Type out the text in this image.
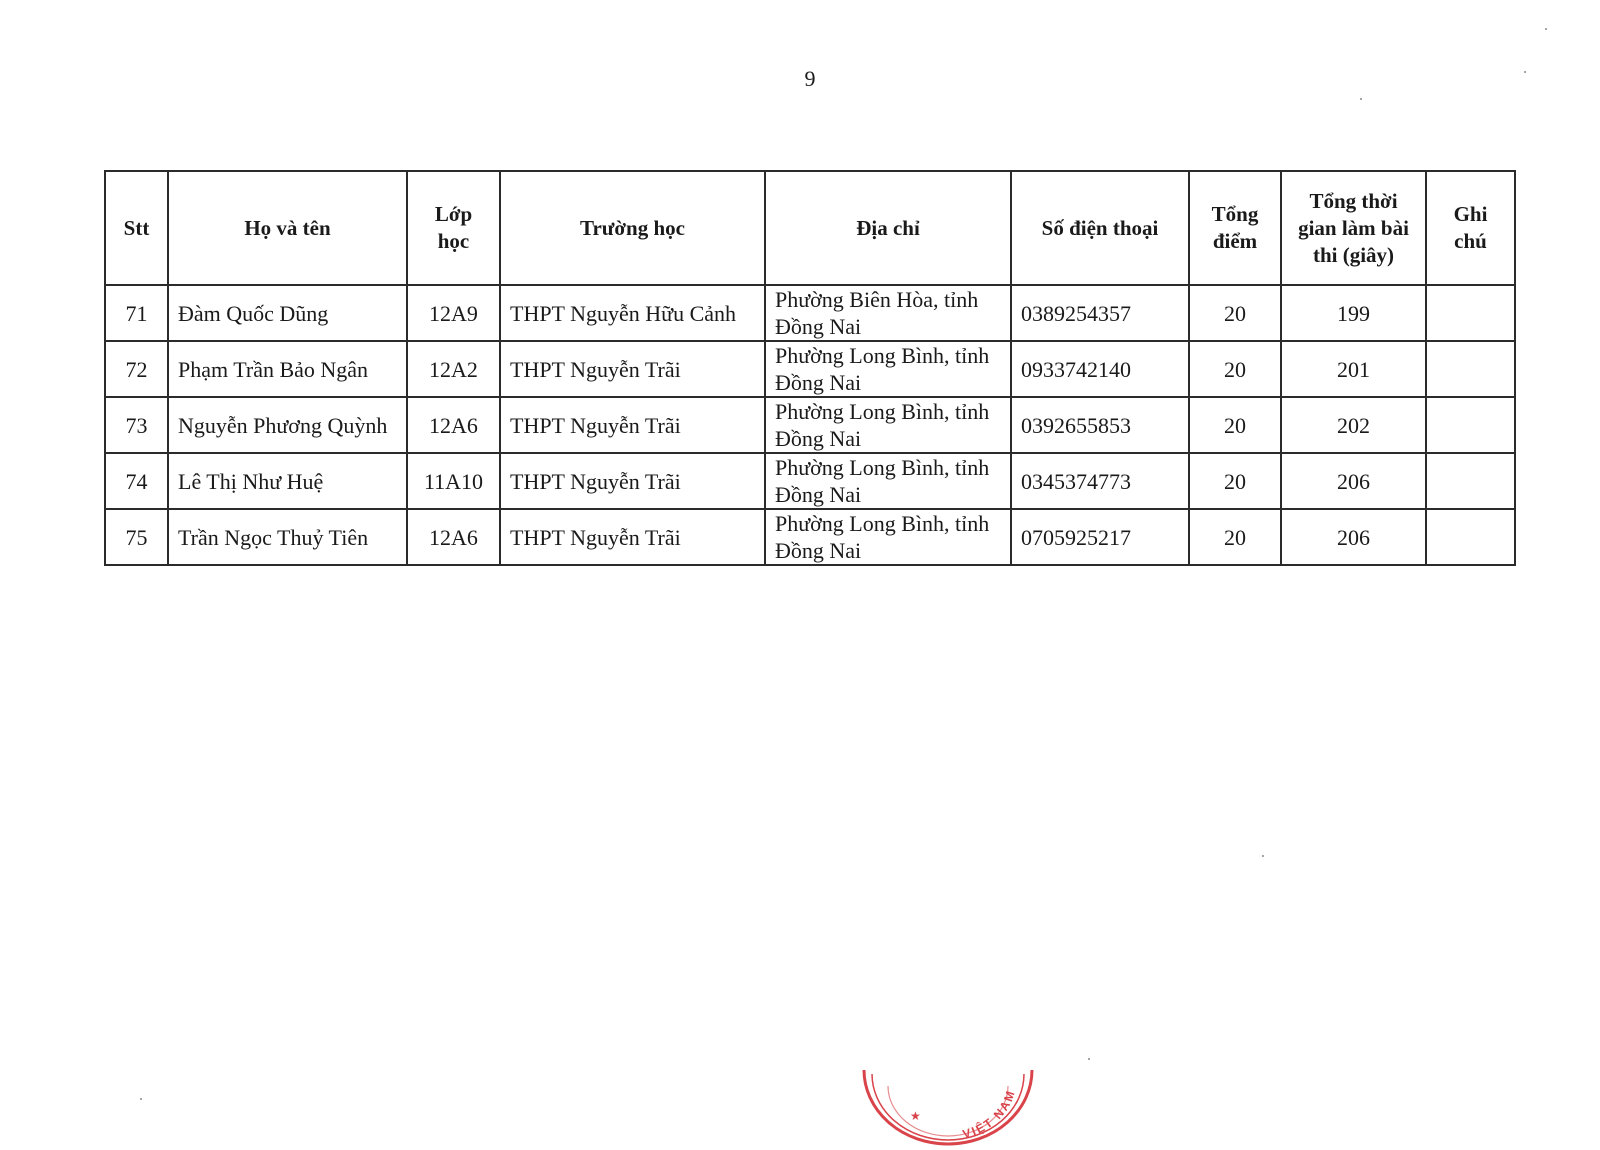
9
Stt	Họ và tên	Lớp học	Trường học	Địa chỉ	Số điện thoại	Tổng điểm	Tổng thời gian làm bài thi (giây)	Ghi chú
71	Đàm Quốc Dũng	12A9	THPT Nguyễn Hữu Cảnh	Phường Biên Hòa, tỉnh Đồng Nai	0389254357	20	199	
72	Phạm Trần Bảo Ngân	12A2	THPT Nguyễn Trãi	Phường Long Bình, tỉnh Đồng Nai	0933742140	20	201	
73	Nguyễn Phương Quỳnh	12A6	THPT Nguyễn Trãi	Phường Long Bình, tỉnh Đồng Nai	0392655853	20	202	
74	Lê Thị Như Huệ	11A10	THPT Nguyễn Trãi	Phường Long Bình, tỉnh Đồng Nai	0345374773	20	206	
75	Trần Ngọc Thuỷ Tiên	12A6	THPT Nguyễn Trãi	Phường Long Bình, tỉnh Đồng Nai	0705925217	20	206	
VIỆT NAM
★
